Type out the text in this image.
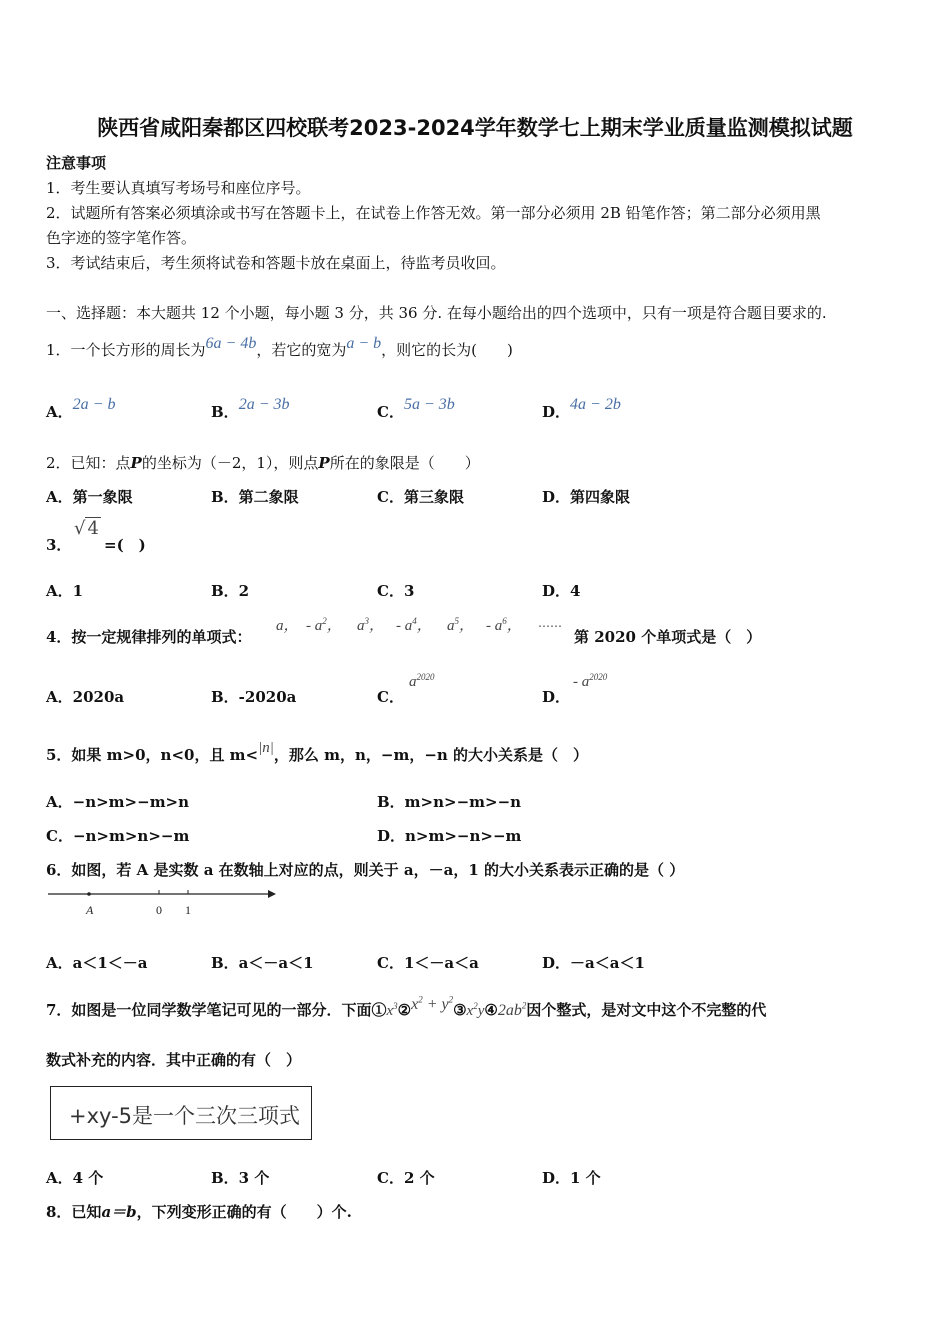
陕西省咸阳秦都区四校联考2023-2024学年数学七上期末学业质量监测模拟试题
注意事项
1．考生要认真填写考场号和座位序号。
2．试题所有答案必须填涂或书写在答题卡上，在试卷上作答无效。第一部分必须用 2B 铅笔作答；第二部分必须用黑
色字迹的签字笔作答。
3．考试结束后，考生须将试卷和答题卡放在桌面上，待监考员收回。
一、选择题：本大题共 12 个小题，每小题 3 分，共 36 分. 在每小题给出的四个选项中，只有一项是符合题目要求的.
1．一个长方形的周长为6a − 4b，若它的宽为a − b，则它的长为(　　)
A．2a − b	B．2a − 3b	C．5a − 3b	D．4a − 2b
2．已知：点P的坐标为（－2，1），则点P所在的象限是（　　）
A．第一象限	B．第二象限	C．第三象限	D．第四象限
3．
√ 4
=(　)
A．1	B．2	C．3	D．4
4．按一定规律排列的单项式：
a， - $a^2$， $a^3$， - $a^4$， $a^5$， - $a^6$， ……
第 2020 个单项式是（　）
A．2020a	B．-2020a	C．
$a^{2020}$
D．
- $a^{2020}$
5．如果 m>0，n<0，且 m<|n|，那么 m，n，−m，−n 的大小关系是（　）
A．−n>m>−m>n	B．m>n>−m>−n
C．−n>m>n>−m	D．n>m>−n>−m
6．如图，若 A 是实数 a 在数轴上对应的点，则关于 a，－a，1 的大小关系表示正确的是（ ）
A	0 1
A．a＜1＜－a	B．a＜－a＜1	C．1＜－a＜a	D．－a＜a＜1
7．如图是一位同学数学笔记可见的一部分．下面$①x^3②x^2$ + $y^2③x^2y④2ab^2$因个整式，是对文中这个不完整的代
数式补充的内容．其中正确的有（　）
+xy-5是一个三次三项式
A．4 个	B．3 个	C．2 个	D．1 个
8．已知a＝b，下列变形正确的有（　　）个.
